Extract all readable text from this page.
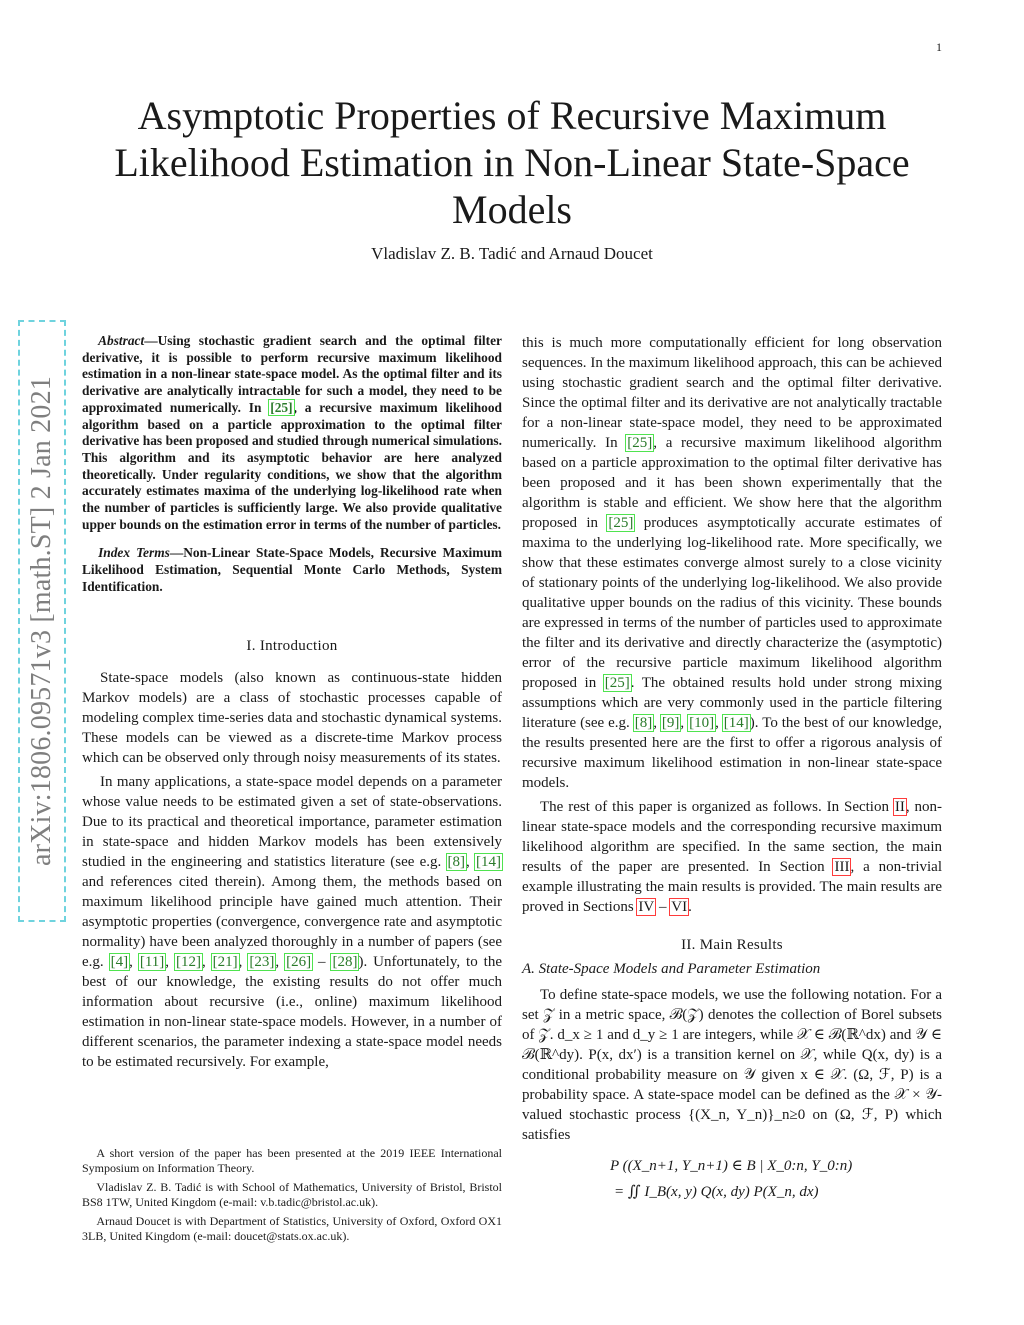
1
Asymptotic Properties of Recursive Maximum Likelihood Estimation in Non-Linear State-Space Models
Vladislav Z. B. Tadić and Arnaud Doucet
arXiv:1806.09571v3 [math.ST] 2 Jan 2021

Abstract—Using stochastic gradient search and the optimal filter derivative, it is possible to perform recursive maximum likelihood estimation in a non-linear state-space model. As the optimal filter and its derivative are analytically intractable for such a model, they need to be approximated numerically. In [25], a recursive maximum likelihood algorithm based on a particle approximation to the optimal filter derivative has been proposed and studied through numerical simulations. This algorithm and its asymptotic behavior are here analyzed theoretically. Under regularity conditions, we show that the algorithm accurately estimates maxima of the underlying log-likelihood rate when the number of particles is sufficiently large. We also provide qualitative upper bounds on the estimation error in terms of the number of particles.

Index Terms—Non-Linear State-Space Models, Recursive Maximum Likelihood Estimation, Sequential Monte Carlo Methods, System Identification.

I. Introduction

State-space models (also known as continuous-state hidden Markov models) are a class of stochastic processes capable of modeling complex time-series data and stochastic dynamical systems. These models can be viewed as a discrete-time Markov process which can be observed only through noisy measurements of its states.

In many applications, a state-space model depends on a parameter whose value needs to be estimated given a set of state-observations. Due to its practical and theoretical importance, parameter estimation in state-space and hidden Markov models has been extensively studied in the engineering and statistics literature (see e.g. [8], [14] and references cited therein). Among them, the methods based on maximum likelihood principle have gained much attention. Their asymptotic properties (convergence, convergence rate and asymptotic normality) have been analyzed thoroughly in a number of papers (see e.g. [4], [11], [12], [21], [23], [26] – [28]). Unfortunately, to the best of our knowledge, the existing results do not offer much information about recursive (i.e., online) maximum likelihood estimation in non-linear state-space models. However, in a number of different scenarios, the parameter indexing a state-space model needs to be estimated recursively. For example,

A short version of the paper has been presented at the 2019 IEEE International Symposium on Information Theory.

Vladislav Z. B. Tadić is with School of Mathematics, University of Bristol, Bristol BS8 1TW, United Kingdom (e-mail: v.b.tadic@bristol.ac.uk).

Arnaud Doucet is with Department of Statistics, University of Oxford, Oxford OX1 3LB, United Kingdom (e-mail: doucet@stats.ox.ac.uk).

this is much more computationally efficient for long observation sequences. In the maximum likelihood approach, this can be achieved using stochastic gradient search and the optimal filter derivative. Since the optimal filter and its derivative are not analytically tractable for a non-linear state-space model, they need to be approximated numerically. In [25], a recursive maximum likelihood algorithm based on a particle approximation to the optimal filter derivative has been proposed and it has been shown experimentally that the algorithm is stable and efficient. We show here that the algorithm proposed in [25] produces asymptotically accurate estimates of maxima to the underlying log-likelihood rate. More specifically, we show that these estimates converge almost surely to a close vicinity of stationary points of the underlying log-likelihood. We also provide qualitative upper bounds on the radius of this vicinity. These bounds are expressed in terms of the number of particles used to approximate the filter and its derivative and directly characterize the (asymptotic) error of the recursive particle maximum likelihood algorithm proposed in [25]. The obtained results hold under strong mixing assumptions which are very commonly used in the particle filtering literature (see e.g. [8], [9], [10], [14]). To the best of our knowledge, the results presented here are the first to offer a rigorous analysis of recursive maximum likelihood estimation in non-linear state-space models.

The rest of this paper is organized as follows. In Section II, non-linear state-space models and the corresponding recursive maximum likelihood algorithm are specified. In the same section, the main results of the paper are presented. In Section III, a non-trivial example illustrating the main results is provided. The main results are proved in Sections IV – VI.

II. Main Results
A. State-Space Models and Parameter Estimation

To define state-space models, we use the following notation. For a set 𝒵 in a metric space, ℬ(𝒵) denotes the collection of Borel subsets of 𝒵. d_x ≥ 1 and d_y ≥ 1 are integers, while 𝒳 ∈ ℬ(ℝ^dx) and 𝒴 ∈ ℬ(ℝ^dy). P(x, dx′) is a transition kernel on 𝒳, while Q(x, dy) is a conditional probability measure on 𝒴 given x ∈ 𝒳. (Ω, ℱ, P) is a probability space. A state-space model can be defined as the 𝒳 × 𝒴-valued stochastic process {(X_n, Y_n)}_n≥0 on (Ω, ℱ, P) which satisfies

P ((X_n+1, Y_n+1) ∈ B | X_0:n, Y_0:n)
= ∬ I_B(x, y) Q(x, dy) P(X_n, dx)
